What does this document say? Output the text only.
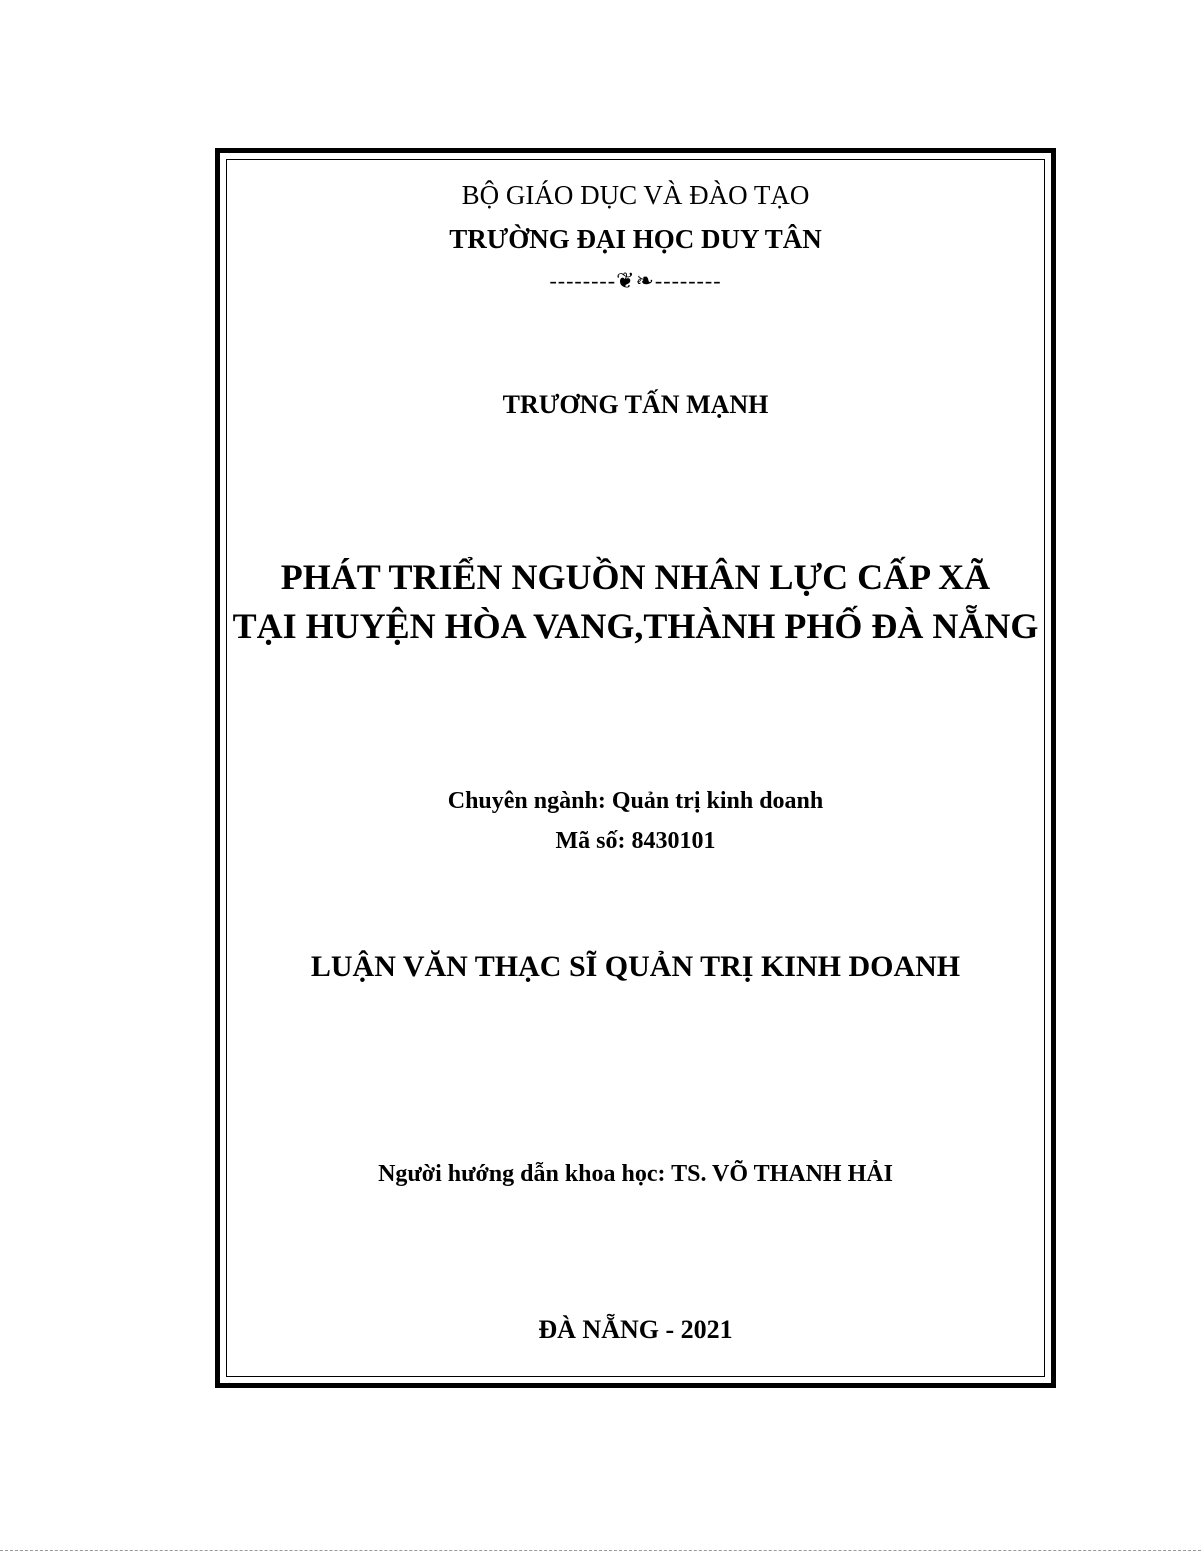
BỘ GIÁO DỤC VÀ ĐÀO TẠO
TRƯỜNG ĐẠI HỌC DUY TÂN
--------❦❧--------
TRƯƠNG TẤN MẠNH
PHÁT TRIỂN NGUỒN NHÂN LỰC CẤP XÃ
TẠI HUYỆN HÒA VANG,THÀNH PHỐ ĐÀ NẴNG
Chuyên ngành: Quản trị kinh doanh
Mã số: 8430101
LUẬN VĂN THẠC SĨ QUẢN TRỊ KINH DOANH
Người hướng dẫn khoa học: TS. VÕ THANH HẢI
ĐÀ NẴNG - 2021
